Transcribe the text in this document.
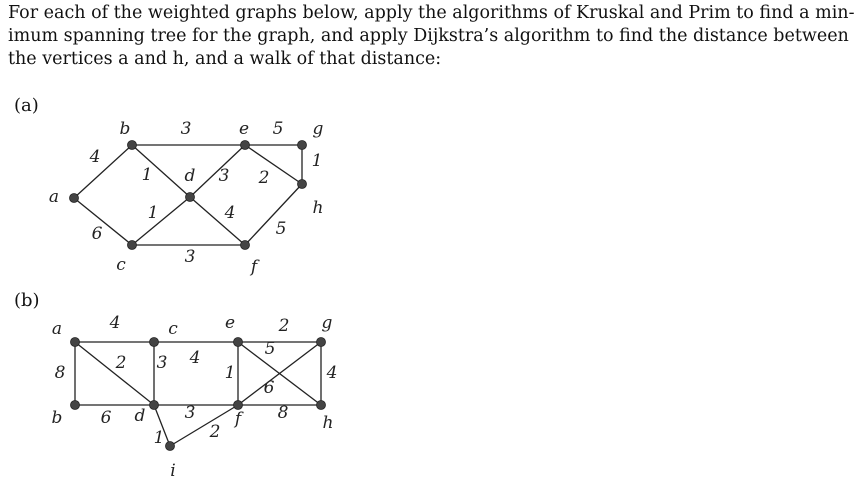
For each of the weighted graphs below, apply the algorithms of Kruskal and Prim to find a min-
imum spanning tree for the graph, and apply Dijkstra’s algorithm to find the distance between
the vertices a and h, and a walk of that distance:
(a)
(b)
4
6
3
1
1
3
3
4
5
2
1
5
a
b
c
d
e
f
g
h
4
8	2 3 4
2
1
5
4
6
6	3
1	2
8
a
b
c
d
e
f
g
h
i
